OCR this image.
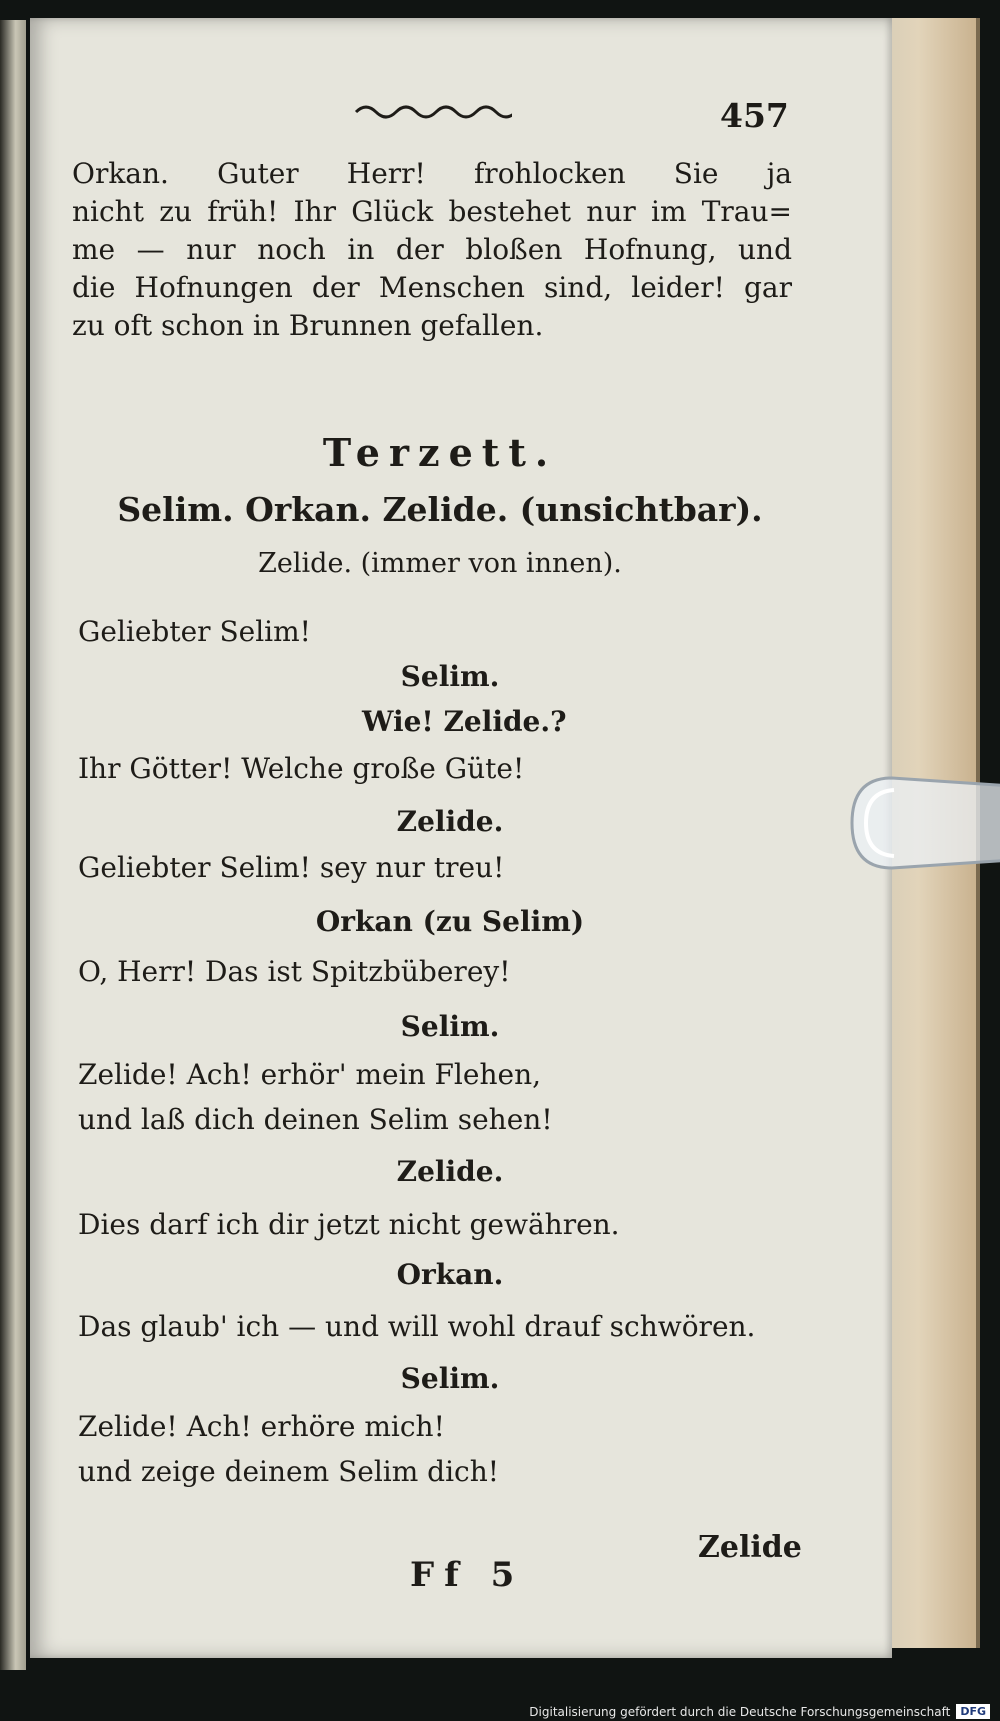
457
Orkan. Guter Herr! frohlocken Sie ja
nicht zu früh! Ihr Glück bestehet nur im Trau=
me — nur noch in der bloßen Hofnung, und
die Hofnungen der Menschen sind, leider! gar
zu oft schon in Brunnen gefallen.
Terzett.
Selim. Orkan. Zelide. (unsichtbar).
Zelide. (immer von innen).
Geliebter Selim!
Selim.
Wie! Zelide.?
Ihr Götter! Welche große Güte!
Zelide.
Geliebter Selim! sey nur treu!
Orkan (zu Selim)
O, Herr! Das ist Spitzbüberey!
Selim.
Zelide! Ach! erhör' mein Flehen,
und laß dich deinen Selim sehen!
Zelide.
Dies darf ich dir jetzt nicht gewähren.
Orkan.
Das glaub' ich — und will wohl drauf schwören.
Selim.
Zelide! Ach! erhöre mich!
und zeige deinem Selim dich!
Ff 5
Zelide
Digitalisierung gefördert durch die Deutsche Forschungsgemeinschaft DFG
